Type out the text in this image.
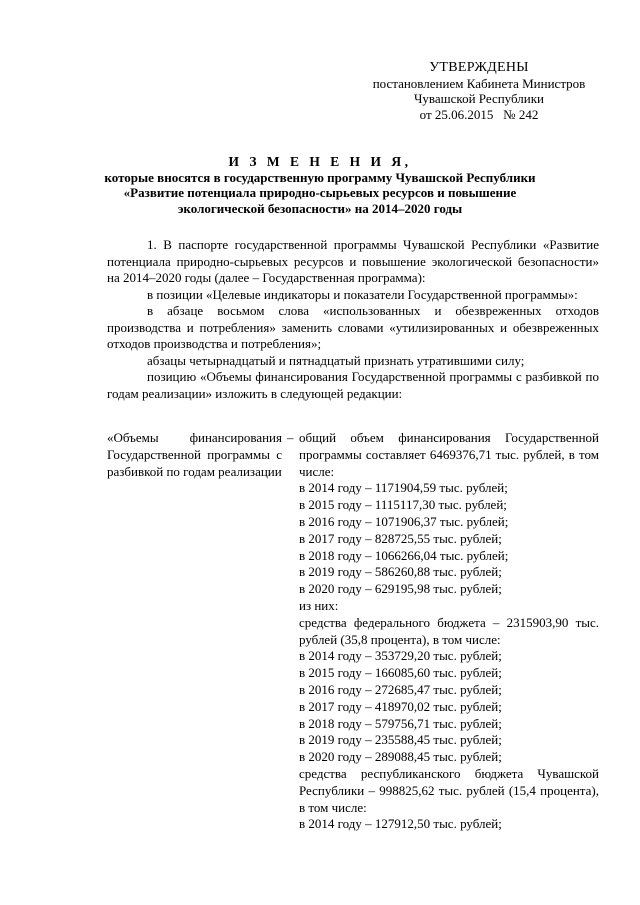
УТВЕРЖДЕНЫ
постановлением Кабинета Министров
Чувашской Республики
от 25.06.2015   № 242
И З М Е Н Е Н И Я,
которые вносятся в государственную программу Чувашской Республики
«Развитие потенциала природно-сырьевых ресурсов и повышение
экологической безопасности» на 2014–2020 годы

1. В паспорте государственной программы Чувашской Республики «Развитие потенциала природно-сырьевых ресурсов и повышение экологической безопасности» на 2014–2020 годы (далее – Государственная программа):

в позиции «Целевые индикаторы и показатели Государственной программы»:

в абзаце восьмом слова «использованных и обезвреженных отходов производства и потребления» заменить словами «утилизированных и обезвреженных отходов производства и потребления»;

абзацы четырнадцатый и пятнадцатый признать утратившими силу;

позицию «Объемы финансирования Государственной программы с разбивкой по годам реализации» изложить в следующей редакции:

«Объемы финансирования Государственной программы с разбивкой по годам реализации
– общий объем финансирования Государственной программы составляет 6469376,71 тыс. рублей, в том числе:
в 2014 году – 1171904,59 тыс. рублей;
в 2015 году – 1115117,30 тыс. рублей;
в 2016 году – 1071906,37 тыс. рублей;
в 2017 году – 828725,55 тыс. рублей;
в 2018 году – 1066266,04 тыс. рублей;
в 2019 году – 586260,88 тыс. рублей;
в 2020 году – 629195,98 тыс. рублей;
из них:
средства федерального бюджета – 2315903,90 тыс. рублей (35,8 процента), в том числе:
в 2014 году – 353729,20 тыс. рублей;
в 2015 году – 166085,60 тыс. рублей;
в 2016 году – 272685,47 тыс. рублей;
в 2017 году – 418970,02 тыс. рублей;
в 2018 году – 579756,71 тыс. рублей;
в 2019 году – 235588,45 тыс. рублей;
в 2020 году – 289088,45 тыс. рублей;
средства республиканского бюджета Чувашской Республики – 998825,62 тыс. рублей (15,4 процента), в том числе:
в 2014 году – 127912,50 тыс. рублей;
